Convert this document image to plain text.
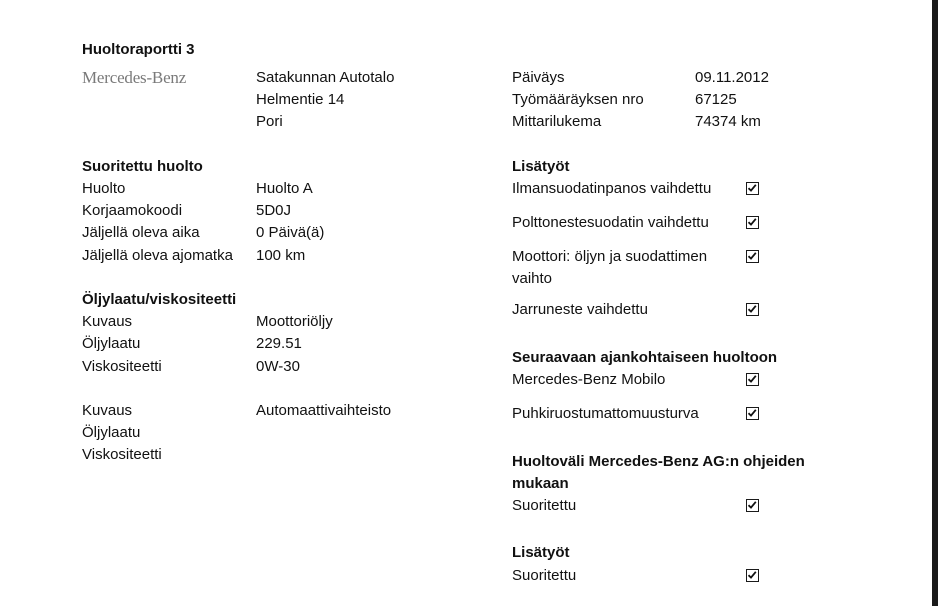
Huoltoraportti 3
Mercedes-Benz	Satakunnan Autotalo
Helmentie 14
Pori
Päiväys	09.11.2012
Työmääräyksen nro	67125
Mittarilukema	74374 km
Suoritettu huolto
Huolto	Huolto A
Korjaamokoodi	5D0J
Jäljellä oleva aika	0 Päivä(ä)
Jäljellä oleva ajomatka 100 km
Öljylaatu/viskositeetti
Kuvaus	Moottoriöljy
Öljylaatu	229.51
Viskositeetti	0W-30
Kuvaus	Automaattivaihteisto
Öljylaatu
Viskositeetti
Lisätyöt
Ilmansuodatinpanos vaihdettu
Polttonestesuodatin vaihdettu
Moottori: öljyn ja suodattimen vaihto
Jarruneste vaihdettu
Seuraavaan ajankohtaiseen huoltoon
Mercedes-Benz Mobilo
Puhkiruostumattomuusturva
Huoltoväli Mercedes-Benz AG:n ohjeiden mukaan
Suoritettu
Lisätyöt
Suoritettu
